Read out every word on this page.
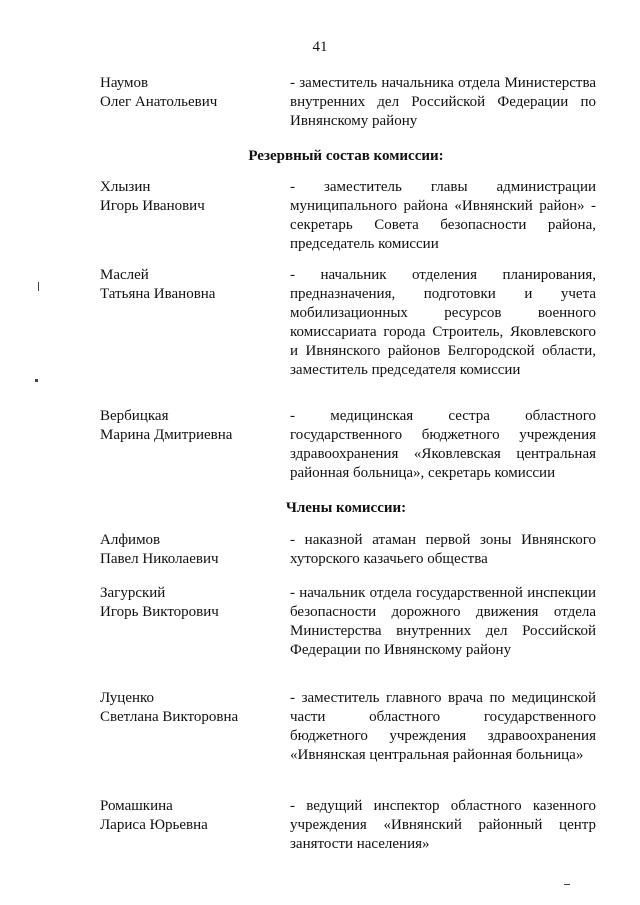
41
Наумов
Олег Анатольевич
- заместитель начальника отдела Министерства внутренних дел Российской Федерации по Ивнянскому району
Резервный состав комиссии:
Хлызин
Игорь Иванович
- заместитель главы администрации муниципального района «Ивнянский район» - секретарь Совета безопасности района, председатель комиссии
Маслей
Татьяна Ивановна
- начальник отделения планирования, предназначения, подготовки и учета мобилизационных ресурсов военного комиссариата города Строитель, Яковлевского и Ивнянского районов Белгородской области, заместитель председателя комиссии
Вербицкая
Марина Дмитриевна
- медицинская сестра областного государственного бюджетного учреждения здравоохранения «Яковлевская центральная районная больница», секретарь комиссии
Члены комиссии:
Алфимов
Павел Николаевич
- наказной атаман первой зоны Ивнянского хуторского казачьего общества
Загурский
Игорь Викторович
- начальник отдела государственной инспекции безопасности дорожного движения отдела Министерства внутренних дел Российской Федерации по Ивнянскому району
Луценко
Светлана Викторовна
- заместитель главного врача по медицинской части областного государственного бюджетного учреждения здравоохранения «Ивнянская центральная районная больница»
Ромашкина
Лариса Юрьевна
- ведущий инспектор областного казенного учреждения «Ивнянский районный центр занятости населения»
